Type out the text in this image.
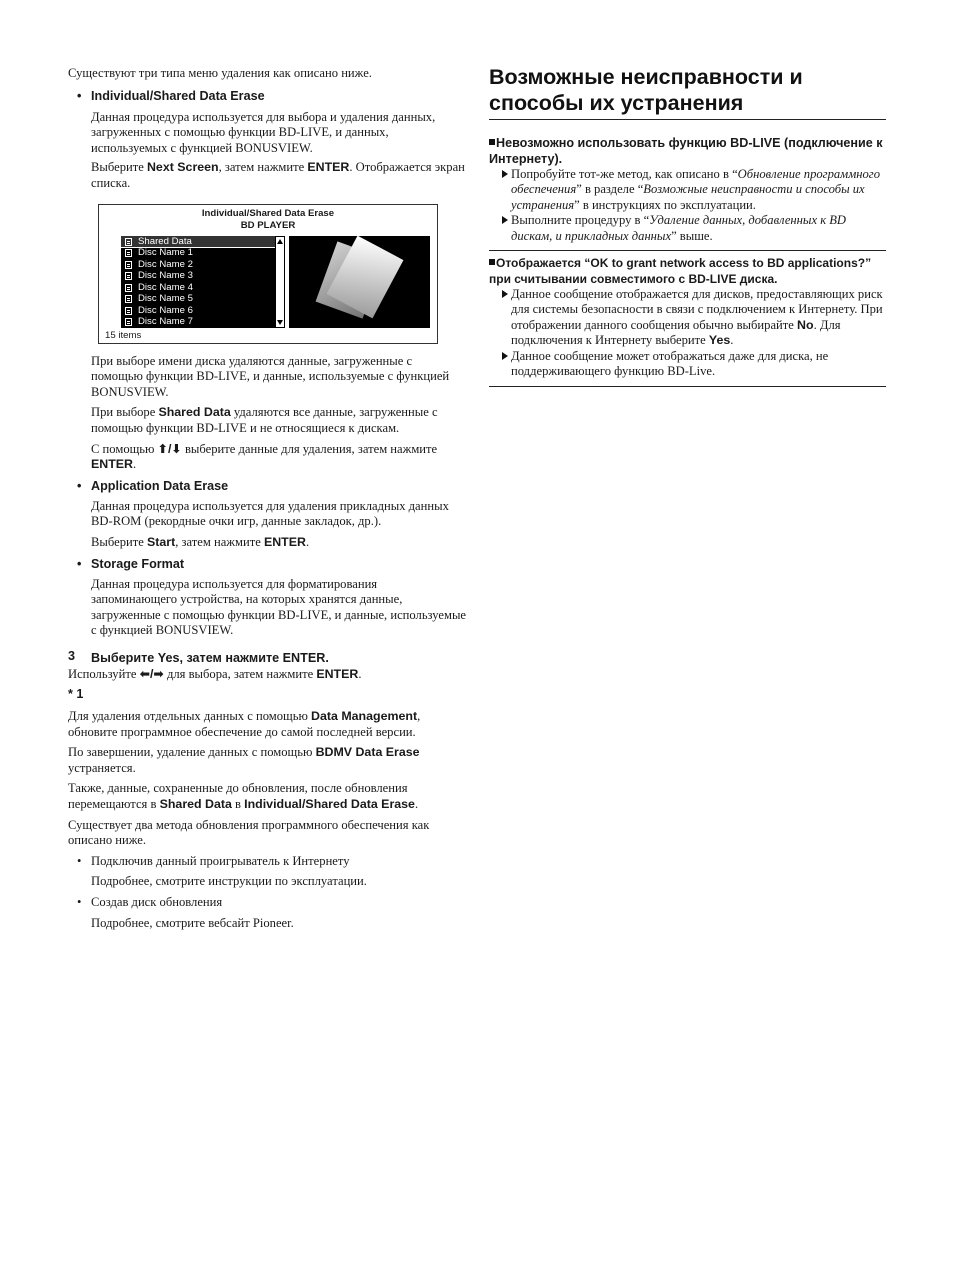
Существуют три типа меню удаления как описано ниже.

• Individual/Shared Data Erase

Данная процедура используется для выбора и удаления данных, загруженных с помощью функции BD-LIVE, и данных, используемых с функцией BONUSVIEW.

Выберите Next Screen, затем нажмите ENTER. Отображается экран списка.

Individual/Shared Data Erase
BD PLAYER
Shared Data
Disc Name 1
Disc Name 2
Disc Name 3
Disc Name 4
Disc Name 5
Disc Name 6
Disc Name 7
15 items

При выборе имени диска удаляются данные, загруженные с помощью функции BD-LIVE, и данные, используемые с функцией BONUSVIEW.

При выборе Shared Data удаляются все данные, загруженные с помощью функции BD-LIVE и не относящиеся к дискам.

С помощью ⬆/⬇ выберите данные для удаления, затем нажмите ENTER.

• Application Data Erase

Данная процедура используется для удаления прикладных данных BD-ROM (рекордные очки игр, данные закладок, др.).

Выберите Start, затем нажмите ENTER.

• Storage Format

Данная процедура используется для форматирования запоминающего устройства, на которых хранятся данные, загруженные с помощью функции BD-LIVE, и данные, используемые с функцией BONUSVIEW.

3 Выберите Yes, затем нажмите ENTER.

Используйте ⬅/➡ для выбора, затем нажмите ENTER.

* 1

Для удаления отдельных данных с помощью Data Management, обновите программное обеспечение до самой последней версии.

По завершении, удаление данных с помощью BDMV Data Erase устраняется.

Также, данные, сохраненные до обновления, после обновления перемещаются в Shared Data в Individual/Shared Data Erase.

Существует два метода обновления программного обеспечения как описано ниже.

• Подключив данный проигрыватель к Интернету

Подробнее, смотрите инструкции по эксплуатации.

• Создав диск обновления

Подробнее, смотрите вебсайт Pioneer.

Возможные неисправности и способы их устранения
Невозможно использовать функцию BD-LIVE (подключение к Интернету).
Попробуйте тот-же метод, как описано в “Обновление программного обеспечения” в разделе “Возможные неисправности и способы их устранения” в инструкциях по эксплуатации.
Выполните процедуру в “Удаление данных, добавленных к BD дискам, и прикладных данных” выше.
Отображается “OK to grant network access to BD applications?” при считывании совместимого с BD-LIVE диска.
Данное сообщение отображается для дисков, предоставляющих риск для системы безопасности в связи с подключением к Интернету. При отображении данного сообщения обычно выбирайте No. Для подключения к Интернету выберите Yes.
Данное сообщение может отображаться даже для диска, не поддерживающего функцию BD-Live.
